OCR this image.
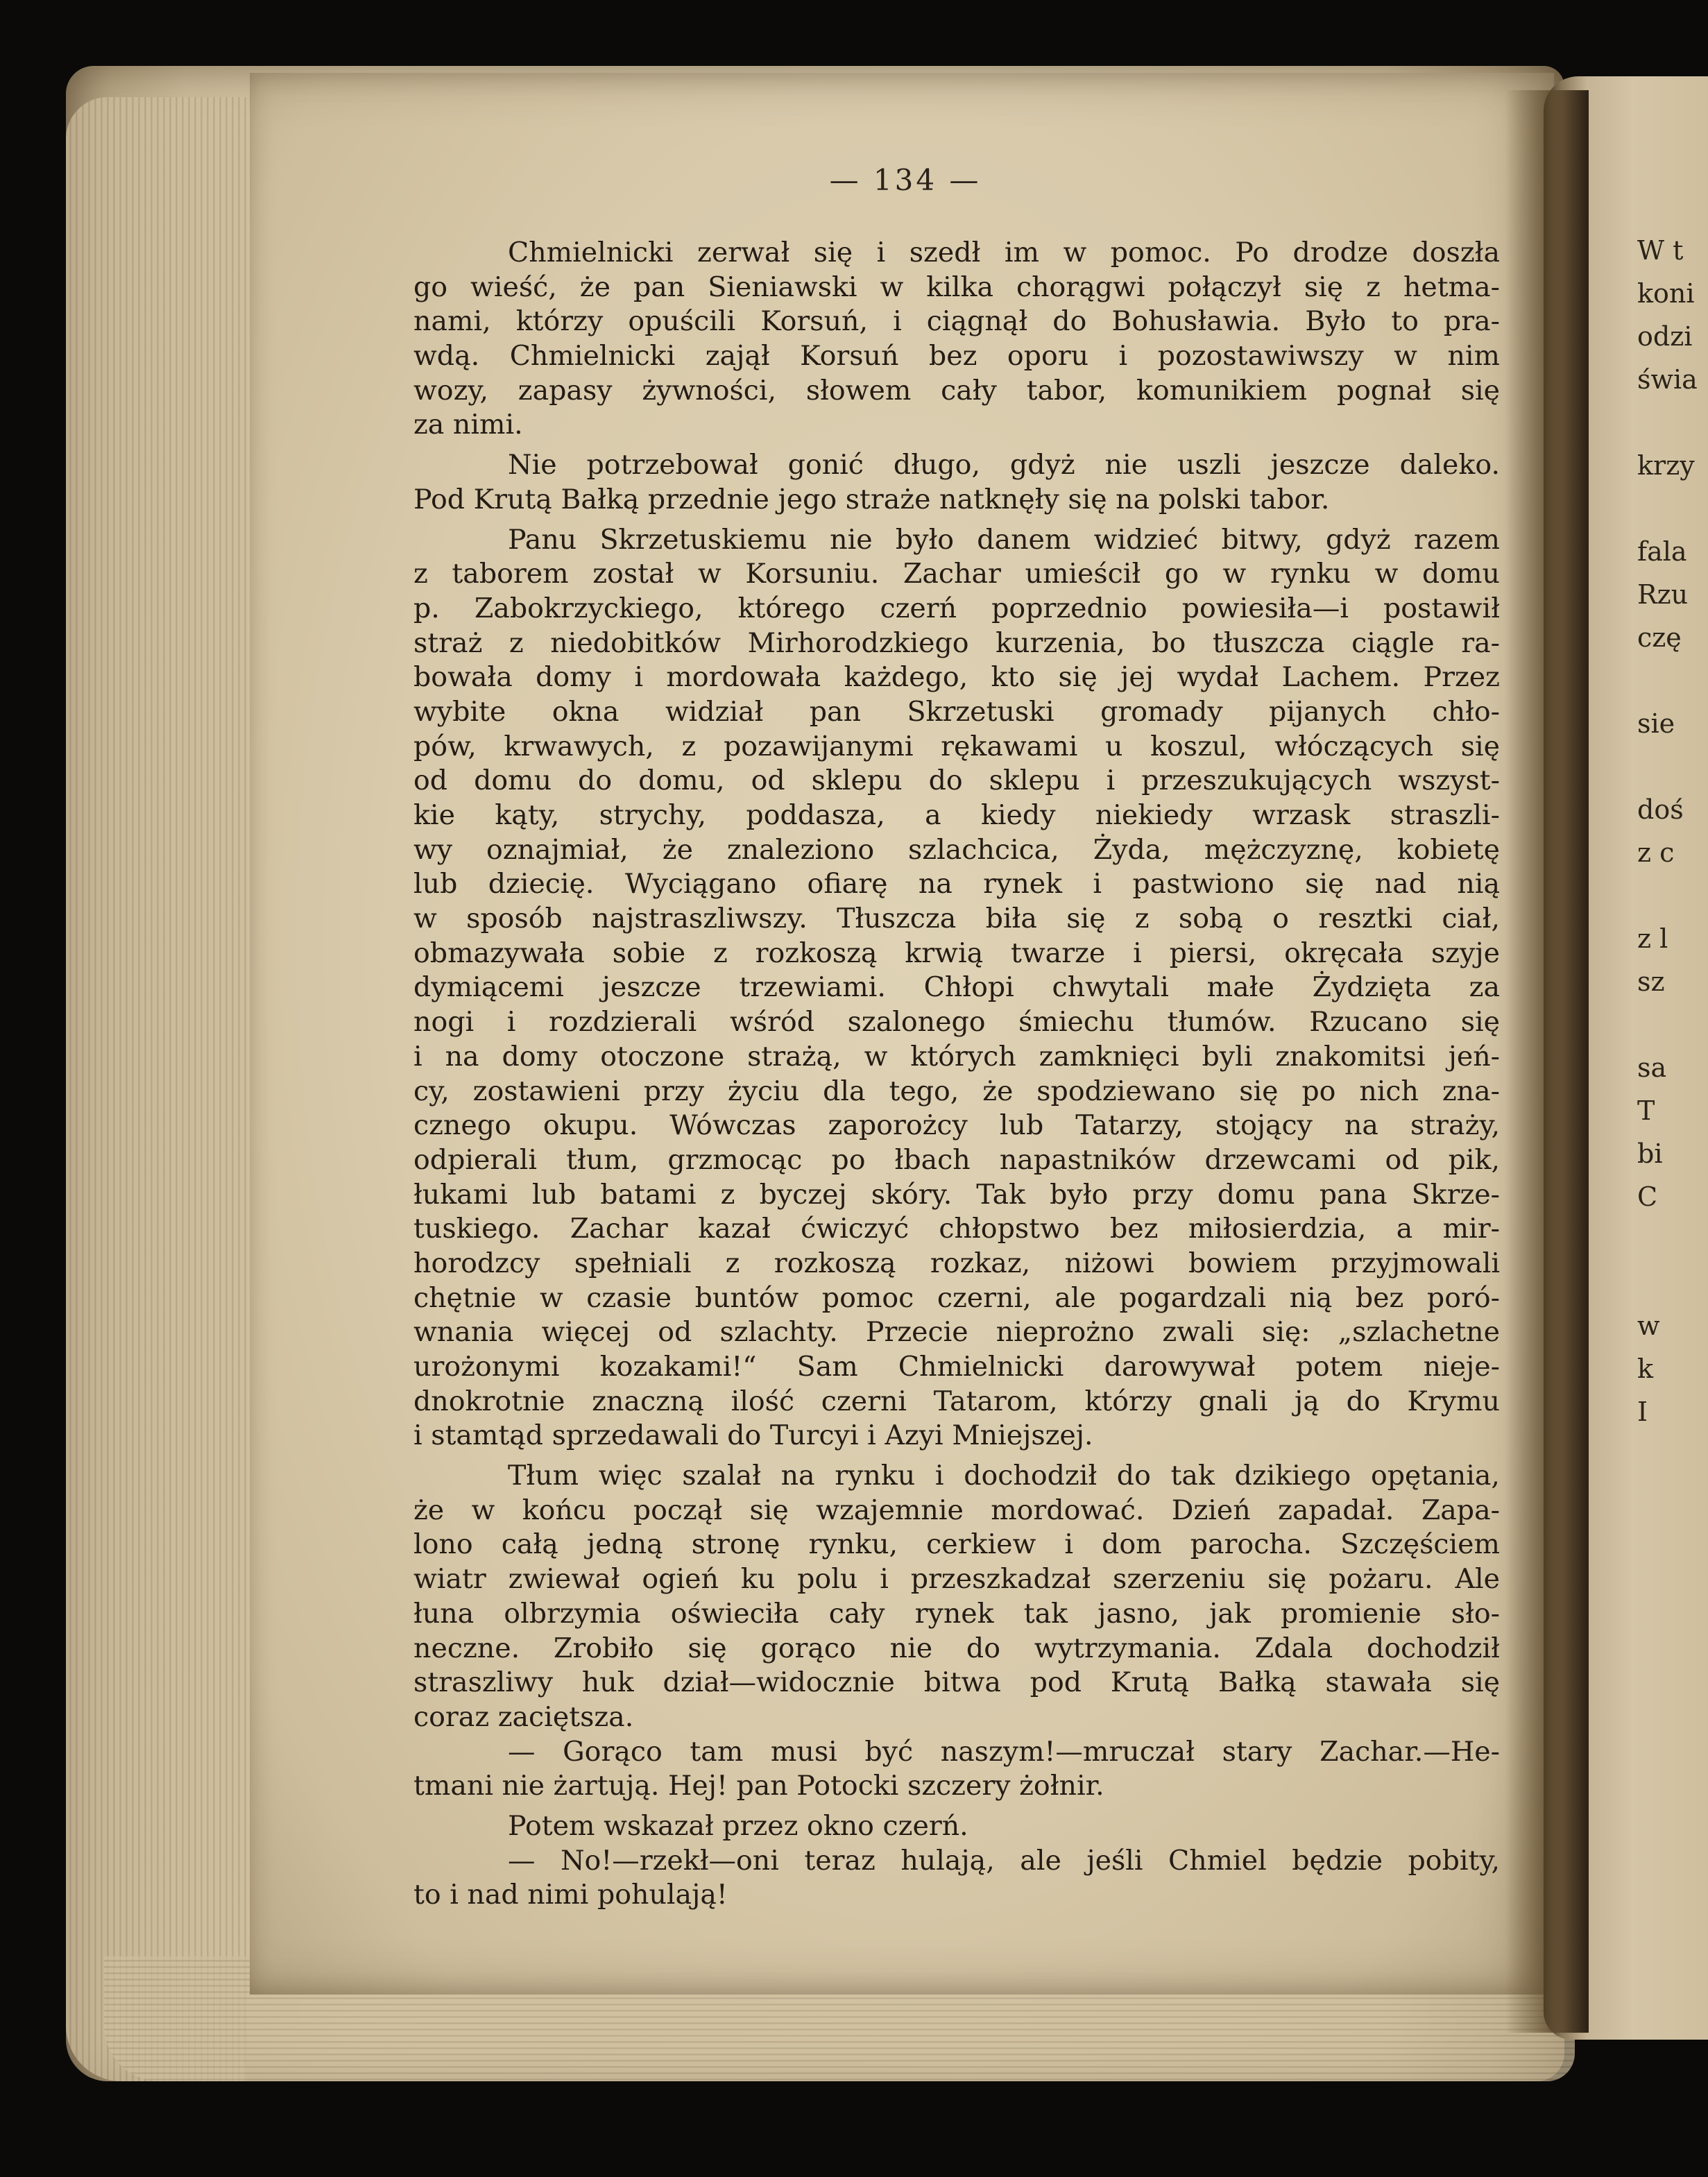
— 134 —
Chmielnicki zerwał się i szedł im w pomoc. Po drodze doszła
go wieść, że pan Sieniawski w kilka chorągwi połączył się z hetma-
nami, którzy opuścili Korsuń, i ciągnął do Bohusławia. Było to pra-
wdą. Chmielnicki zajął Korsuń bez oporu i pozostawiwszy w nim
wozy, zapasy żywności, słowem cały tabor, komunikiem pognał się
za nimi.
Nie potrzebował gonić długo, gdyż nie uszli jeszcze daleko.
Pod Krutą Bałką przednie jego straże natknęły się na polski tabor.
Panu Skrzetuskiemu nie było danem widzieć bitwy, gdyż razem
z taborem został w Korsuniu. Zachar umieścił go w rynku w domu
p. Zabokrzyckiego, którego czerń poprzednio powiesiła—i postawił
straż z niedobitków Mirhorodzkiego kurzenia, bo tłuszcza ciągle ra-
bowała domy i mordowała każdego, kto się jej wydał Lachem. Przez
wybite okna widział pan Skrzetuski gromady pijanych chło-
pów, krwawych, z pozawijanymi rękawami u koszul, włóczących się
od domu do domu, od sklepu do sklepu i przeszukujących wszyst-
kie kąty, strychy, poddasza, a kiedy niekiedy wrzask straszli-
wy oznajmiał, że znaleziono szlachcica, Żyda, mężczyznę, kobietę
lub dziecię. Wyciągano ofiarę na rynek i pastwiono się nad nią
w sposób najstraszliwszy. Tłuszcza biła się z sobą o resztki ciał,
obmazywała sobie z rozkoszą krwią twarze i piersi, okręcała szyje
dymiącemi jeszcze trzewiami. Chłopi chwytali małe Żydzięta za
nogi i rozdzierali wśród szalonego śmiechu tłumów. Rzucano się
i na domy otoczone strażą, w których zamknięci byli znakomitsi jeń-
cy, zostawieni przy życiu dla tego, że spodziewano się po nich zna-
cznego okupu. Wówczas zaporożcy lub Tatarzy, stojący na straży,
odpierali tłum, grzmocąc po łbach napastników drzewcami od pik,
łukami lub batami z byczej skóry. Tak było przy domu pana Skrze-
tuskiego. Zachar kazał ćwiczyć chłopstwo bez miłosierdzia, a mir-
horodzcy spełniali z rozkoszą rozkaz, niżowi bowiem przyjmowali
chętnie w czasie buntów pomoc czerni, ale pogardzali nią bez poró-
wnania więcej od szlachty. Przecie nieprożno zwali się: „szlachetne
urożonymi kozakami!“ Sam Chmielnicki darowywał potem nieje-
dnokrotnie znaczną ilość czerni Tatarom, którzy gnali ją do Krymu
i stamtąd sprzedawali do Turcyi i Azyi Mniejszej.
Tłum więc szalał na rynku i dochodził do tak dzikiego opętania,
że w końcu począł się wzajemnie mordować. Dzień zapadał. Zapa-
lono całą jedną stronę rynku, cerkiew i dom parocha. Szczęściem
wiatr zwiewał ogień ku polu i przeszkadzał szerzeniu się pożaru. Ale
łuna olbrzymia oświeciła cały rynek tak jasno, jak promienie sło-
neczne. Zrobiło się gorąco nie do wytrzymania. Zdala dochodził
straszliwy huk dział—widocznie bitwa pod Krutą Bałką stawała się
coraz zaciętsza.
— Gorąco tam musi być naszym!—mruczał stary Zachar.—He-
tmani nie żartują. Hej! pan Potocki szczery żołnir.
Potem wskazał przez okno czerń.
— No!—rzekł—oni teraz hulają, ale jeśli Chmiel będzie pobity,
to i nad nimi pohulają!
W t
koni
odzi
świa
krzy
fala
Rzu
czę
sie
doś
z c
z l
sz
sa
T
bi
C
w
k
I
